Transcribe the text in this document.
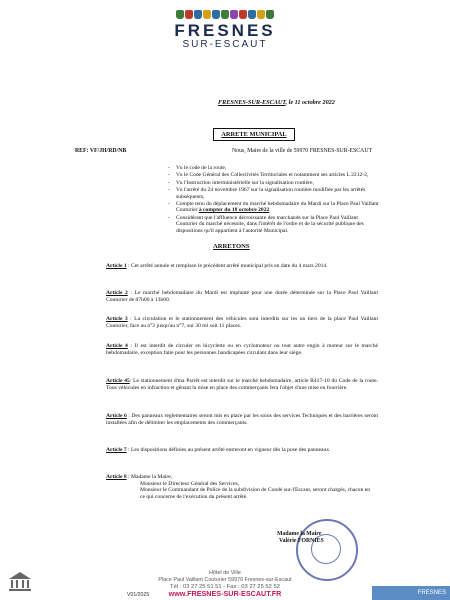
FRESNES
SUR-ESCAUT
FRESNES-SUR-ESCAUT, le 11 octobre 2022
ARRETE MUNICIPAL
REF: VF/JH/RD/NB	Nous, Maire de la ville de 59970 FRESNES-SUR-ESCAUT
- Vu le code de la route,
- Vu le Code Général des Collectivités Territoriales et notamment ses articles L 2212-2,
- Vu l'Instruction interministérielle sur la signalisation routière,
- Vu l'arrêté du 24 novembre 1967 sur la signalisation routière modifiée par les arrêtés subséquents,
- Compte tenu du déplacement du marché hebdomadaire du Mardi sur la Place Paul Vaillant Couturier à compter du 18 octobre 2022
- Considérant que l'affluence décroissante des marchands sur la Place Paul Vaillant Couturier du marché nécessite, dans l'intérêt de l'ordre et de la sécurité publique des dispositions qu'il appartient à l'autorité Municipal.
ARRETONS

Article 1 : Cet arrêté annule et remplace le précédent arrêté municipal pris en date du 4 mars 2014.

Article 2 : Le marché hebdomadaire du Mardi est implanté pour une durée déterminée sur la Place Paul Vaillant Couturier de 07h00 à 13h00.

Article 3 : La circulation et le stationnement des véhicules sont interdits sur les un tiers de la place Paul Vaillant Couturier, face au n°2 jusqu'au n°7, sur 30 ml soit 11 places.

Article 4 : Il est interdit de circuler en bicyclette ou en cyclomoteur ou tout autre engin à moteur sur le marché hebdomadaire, exception faite pour les personnes handicapées circulant dans leur siège.

Article 45: Le stationnement d'ma Parrêt est interdit sur le marché hebdomadaire, article R417-10 du Code de la route. Tous véhicules en infraction et gênant la mise en place des commerçants fera l'objet d'une mise en fourrière.

Article 6 : Des panneaux réglementaires seront mis en place par les soins des services Techniques et des barrières seront installées afin de délimiter les emplacements des commerçants.

Article 7 : Les dispositions définies au présent arrêté entreront en vigueur dès la pose des panneaux.

Article 8 : Madame la Maire,
Monsieur le Directeur Général des Services,
Monsieur le Commandant de Police de la subdivision de Condé sur-l'Escaut, seront chargés, chacun en ce qui concerne de l'exécution du présent arrêté.
Madame la Maire
Valérie FORNIES
Hôtel de Ville
Place Paul Vaillant Couturier 59970 Fresnes-sur-Escaut
Tél : 03 27 25 51 51 - Fax : 03 27 25 52 52
www.FRESNES-SUR-ESCAUT.FR
V01/2025	FRESNES
